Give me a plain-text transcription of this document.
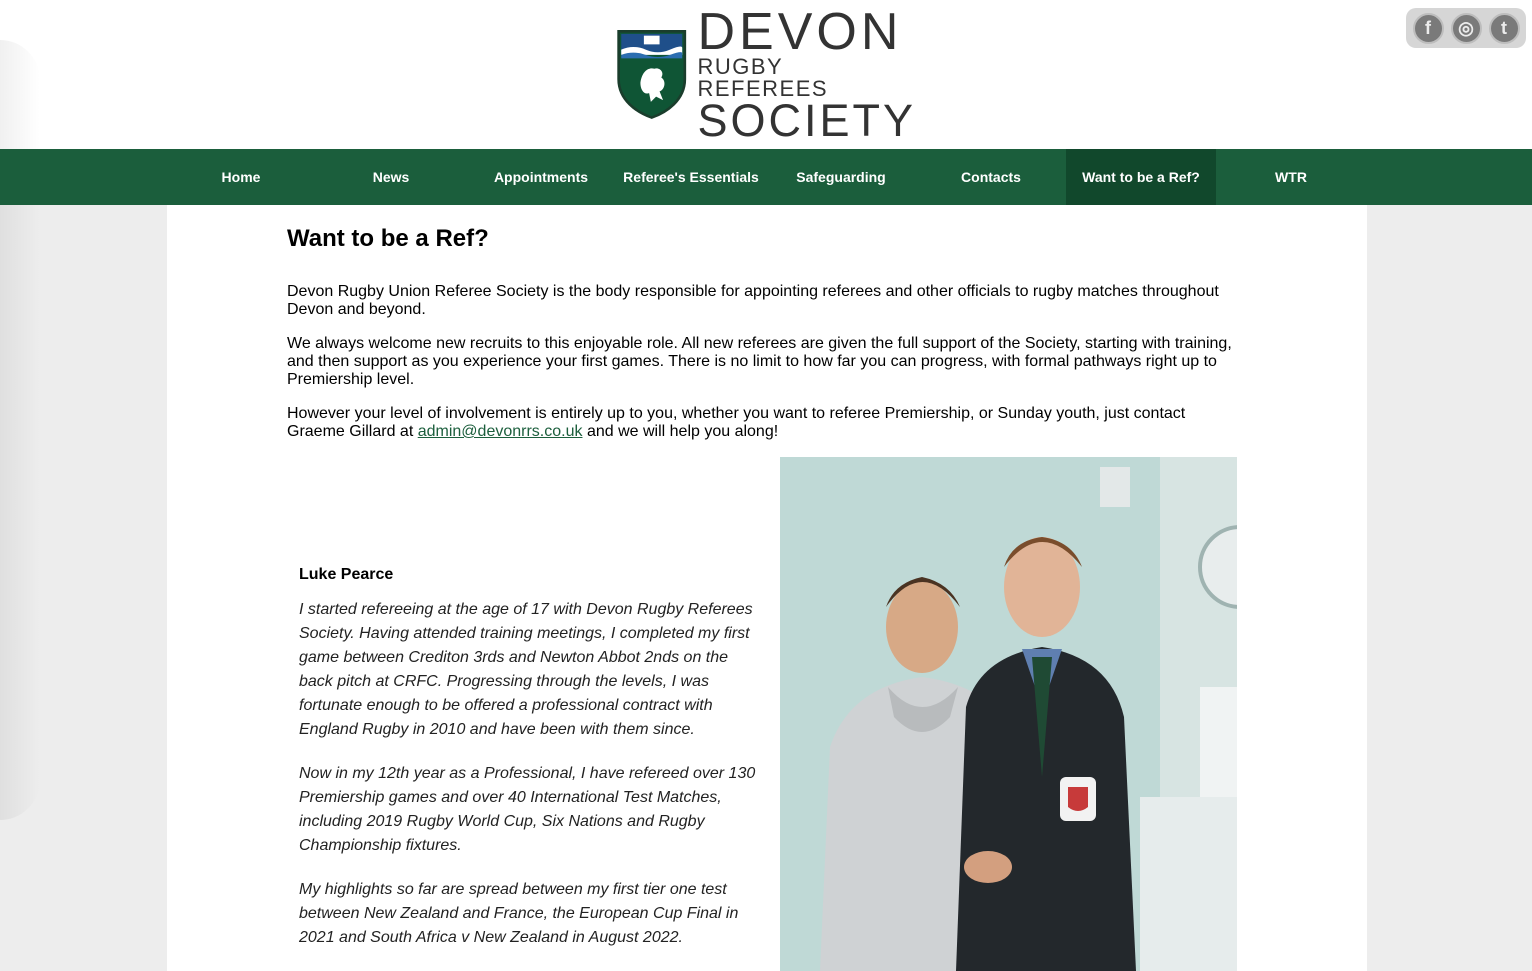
DEVON
RUGBY REFEREES
SOCIETY
f ◎ t
Home	News	Appointments	Referee's Essentials	Safeguarding	Contacts	Want to be a Ref?	WTR
Want to be a Ref?

Devon Rugby Union Referee Society is the body responsible for appointing referees and other officials to rugby matches throughout Devon and beyond.

We always welcome new recruits to this enjoyable role. All new referees are given the full support of the Society, starting with training, and then support as you experience your first games. There is no limit to how far you can progress, with formal pathways right up to Premiership level.

However your level of involvement is entirely up to you, whether you want to referee Premiership, or Sunday youth, just contact Graeme Gillard at admin@devonrrs.co.uk and we will help you along!

Luke Pearce

I started refereeing at the age of 17 with Devon Rugby Referees Society. Having attended training meetings, I completed my first game between Crediton 3rds and Newton Abbot 2nds on the back pitch at CRFC. Progressing through the levels, I was fortunate enough to be offered a professional contract with England Rugby in 2010 and have been with them since.

Now in my 12th year as a Professional, I have refereed over 130 Premiership games and over 40 International Test Matches, including 2019 Rugby World Cup, Six Nations and Rugby Championship fixtures.

My highlights so far are spread between my first tier one test between New Zealand and France, the European Cup Final in 2021 and South Africa v New Zealand in August 2022.
